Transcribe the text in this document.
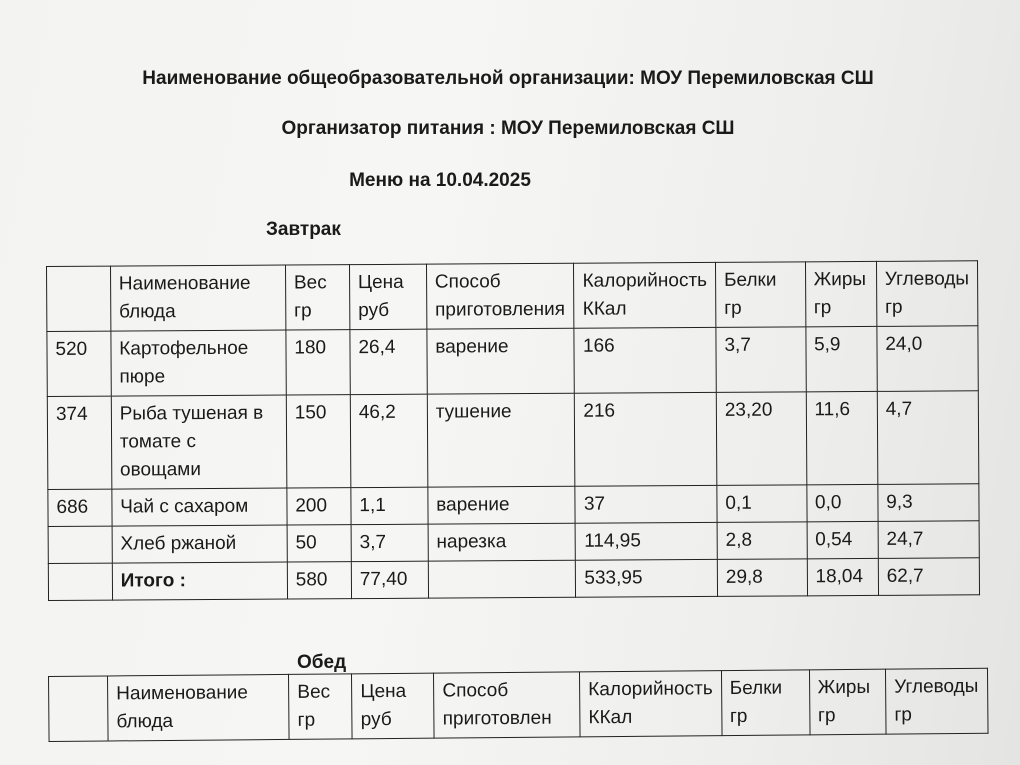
Наименование общеобразовательной организации: МОУ Перемиловская СШ
Организатор питания : МОУ Перемиловская СШ
Меню на 10.04.2025
Завтрак
	Наименование блюда	Вес гр	Цена руб	Способ приготовления	Калорийность ККал	Белки гр	Жиры гр	Углеводы гр
520	Картофельное пюре	180	26,4	варение	166	3,7	5,9	24,0
374	Рыба тушеная в томате с овощами	150	46,2	тушение	216	23,20	11,6	4,7
686	Чай с сахаром	200	1,1	варение	37	0,1	0,0	9,3
	Хлеб ржаной	50	3,7	нарезка	114,95	2,8	0,54	24,7
	Итого :	580	77,40		533,95	29,8	18,04	62,7
Обед
	Наименование блюда	Вес гр	Цена руб	Способ приготовлен	Калорийность ККал	Белки гр	Жиры гр	Углеводы гр
